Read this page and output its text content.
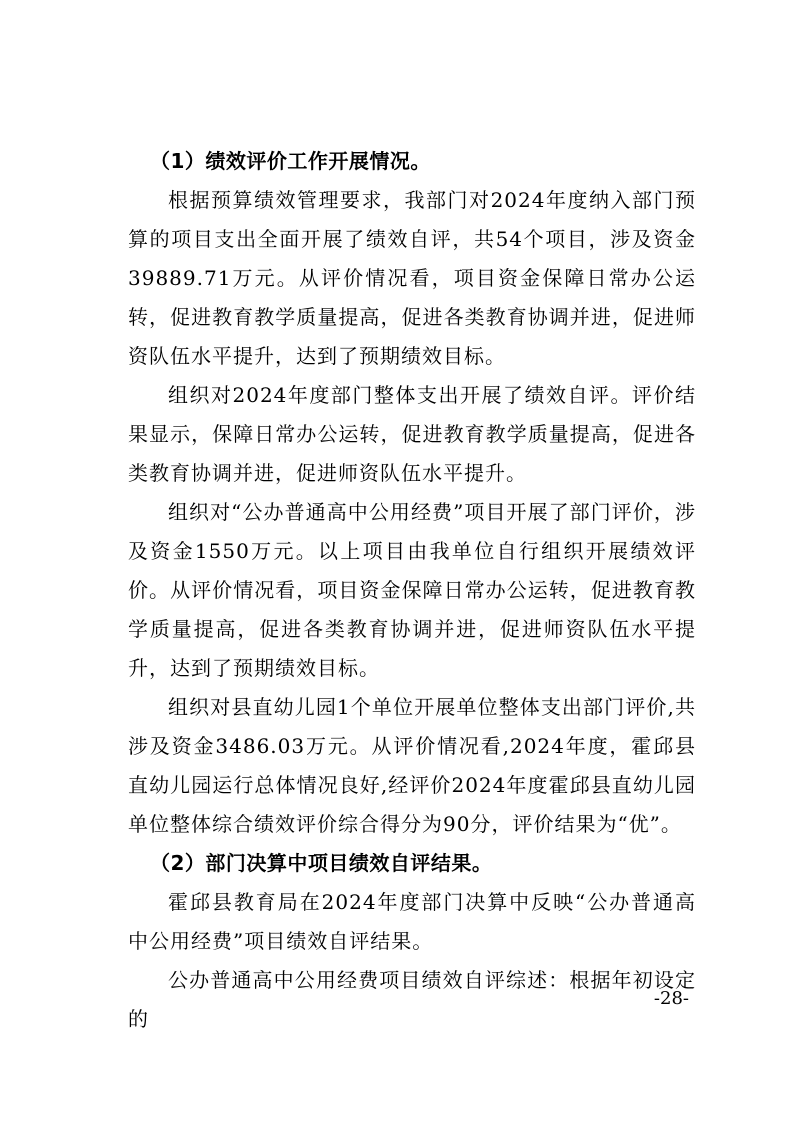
（1）绩效评价工作开展情况。

根据预算绩效管理要求，我部门对2024年度纳入部门预算的项目支出全面开展了绩效自评，共54个项目，涉及资金39889.71万元。从评价情况看，项目资金保障日常办公运转，促进教育教学质量提高，促进各类教育协调并进，促进师资队伍水平提升，达到了预期绩效目标。

组织对2024年度部门整体支出开展了绩效自评。评价结果显示，保障日常办公运转，促进教育教学质量提高，促进各类教育协调并进，促进师资队伍水平提升。

组织对“公办普通高中公用经费”项目开展了部门评价，涉及资金1550万元。以上项目由我单位自行组织开展绩效评价。从评价情况看，项目资金保障日常办公运转，促进教育教学质量提高，促进各类教育协调并进，促进师资队伍水平提升，达到了预期绩效目标。

组织对县直幼儿园1个单位开展单位整体支出部门评价,共涉及资金3486.03万元。从评价情况看,2024年度，霍邱县直幼儿园运行总体情况良好,经评价2024年度霍邱县直幼儿园单位整体综合绩效评价综合得分为90分，评价结果为“优”。

（2）部门决算中项目绩效自评结果。

霍邱县教育局在2024年度部门决算中反映“公办普通高中公用经费”项目绩效自评结果。

公办普通高中公用经费项目绩效自评综述：根据年初设定的

-28-
